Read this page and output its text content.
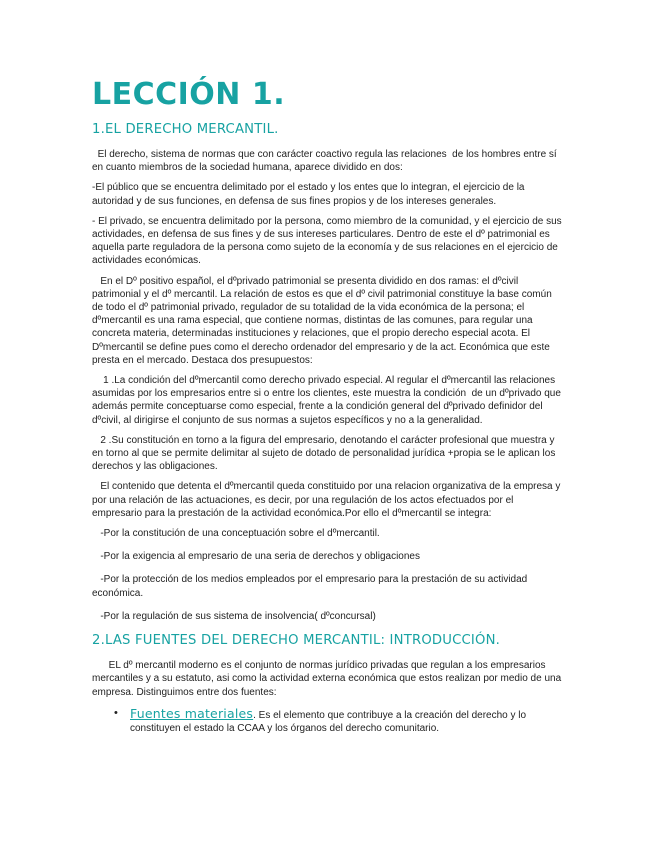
LECCIÓN 1.
1.EL DERECHO MERCANTIL.
El derecho, sistema de normas que con carácter coactivo regula las relaciones  de los hombres entre sí en cuanto miembros de la sociedad humana, aparece dividido en dos:
-El público que se encuentra delimitado por el estado y los entes que lo integran, el ejercicio de la autoridad y de sus funciones, en defensa de sus fines propios y de los intereses generales.
- El privado, se encuentra delimitado por la persona, como miembro de la comunidad, y el ejercicio de sus actividades, en defensa de sus fines y de sus intereses particulares. Dentro de este el dº patrimonial es aquella parte reguladora de la persona como sujeto de la economía y de sus relaciones en el ejercicio de actividades económicas.
En el Dº positivo español, el dºprivado patrimonial se presenta dividido en dos ramas: el dºcivil patrimonial y el dº mercantil. La relación de estos es que el dº civil patrimonial constituye la base común de todo el dº patrimonial privado, regulador de su totalidad de la vida económica de la persona; el dºmercantil es una rama especial, que contiene normas, distintas de las comunes, para regular una concreta materia, determinadas instituciones y relaciones, que el propio derecho especial acota. El Dºmercantil se define pues como el derecho ordenador del empresario y de la act. Económica que este presta en el mercado. Destaca dos presupuestos:
1 .La condición del dºmercantil como derecho privado especial. Al regular el dºmercantil las relaciones asumidas por los empresarios entre si o entre los clientes, este muestra la condición  de un dºprivado que además permite conceptuarse como especial, frente a la condición general del dºprivado definidor del dºcivil, al dirigirse el conjunto de sus normas a sujetos específicos y no a la generalidad.
2 .Su constitución en torno a la figura del empresario, denotando el carácter profesional que muestra y en torno al que se permite delimitar al sujeto de dotado de personalidad jurídica +propia se le aplican los derechos y las obligaciones.
El contenido que detenta el dºmercantil queda constituido por una relacion organizativa de la empresa y por una relación de las actuaciones, es decir, por una regulación de los actos efectuados por el empresario para la prestación de la actividad económica.Por ello el dºmercantil se integra:
-Por la constitución de una conceptuación sobre el dºmercantil.
-Por la exigencia al empresario de una seria de derechos y obligaciones
-Por la protección de los medios empleados por el empresario para la prestación de su actividad económica.
-Por la regulación de sus sistema de insolvencia( dºconcursal)
2.LAS FUENTES DEL DERECHO MERCANTIL: INTRODUCCIÓN.
EL dº mercantil moderno es el conjunto de normas jurídico privadas que regulan a los empresarios mercantiles y a su estatuto, asi como la actividad externa económica que estos realizan por medio de una empresa. Distinguimos entre dos fuentes:
• Fuentes materiales. Es el elemento que contribuye a la creación del derecho y lo constituyen el estado la CCAA y los órganos del derecho comunitario.
